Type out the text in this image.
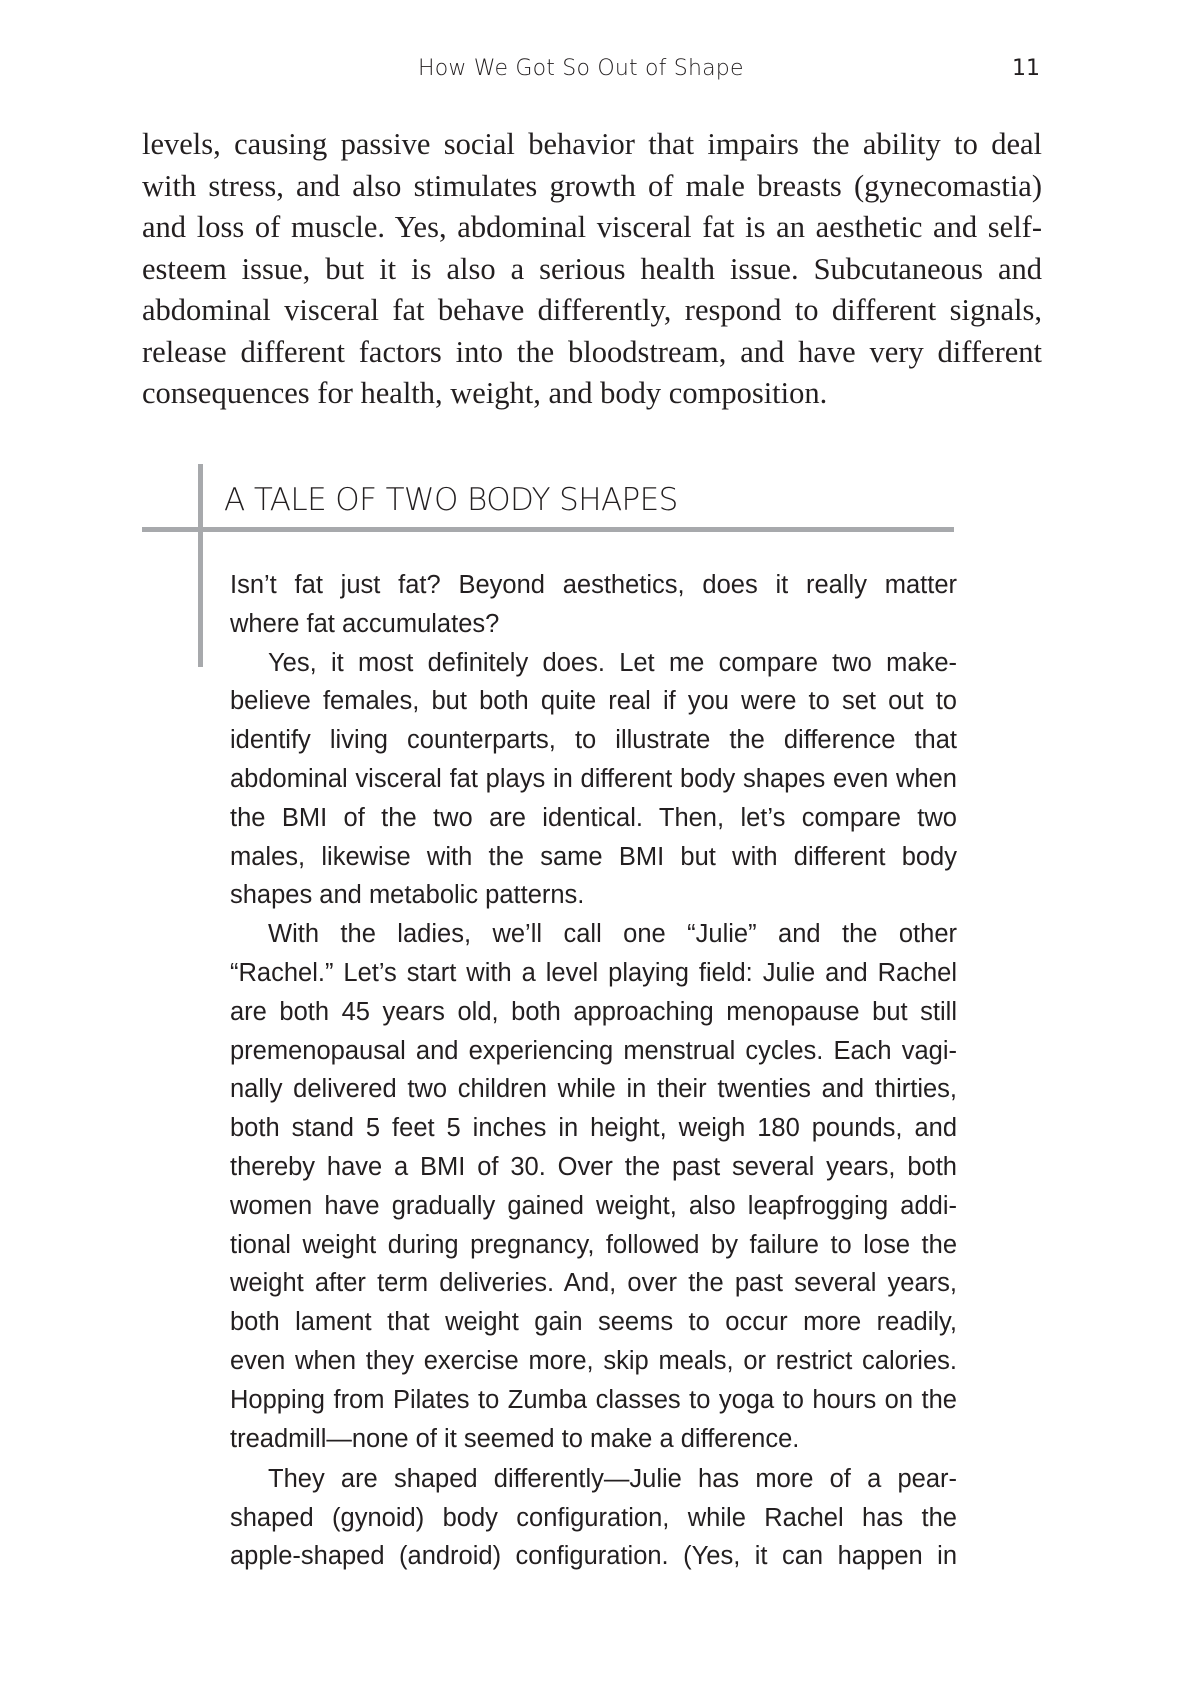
How We Got So Out of Shape	11
levels, causing passive social behavior that impairs the ability to deal
with stress, and also stimulates growth of male breasts (gynecomastia)
and loss of muscle. Yes, abdominal visceral fat is an aesthetic and self-
esteem issue, but it is also a serious health issue. Subcutaneous and
abdominal visceral fat behave differently, respond to different signals,
release different factors into the bloodstream, and have very different
consequences for health, weight, and body composition.
A TALE OF TWO BODY SHAPES
Isn’t fat just fat? Beyond aesthetics, does it really matter
where fat accumulates?
Yes, it most definitely does. Let me compare two make-
believe females, but both quite real if you were to set out to
identify living counterparts, to illustrate the difference that
abdominal visceral fat plays in different body shapes even when
the BMI of the two are identical. Then, let’s compare two
males, likewise with the same BMI but with different body
shapes and metabolic patterns.
With the ladies, we’ll call one “Julie” and the other
“Rachel.” Let’s start with a level playing field: Julie and Rachel
are both 45 years old, both approaching menopause but still
premenopausal and experiencing menstrual cycles. Each vagi-
nally delivered two children while in their twenties and thirties,
both stand 5 feet 5 inches in height, weigh 180 pounds, and
thereby have a BMI of 30. Over the past several years, both
women have gradually gained weight, also leapfrogging addi-
tional weight during pregnancy, followed by failure to lose the
weight after term deliveries. And, over the past several years,
both lament that weight gain seems to occur more readily,
even when they exercise more, skip meals, or restrict calories.
Hopping from Pilates to Zumba classes to yoga to hours on the
treadmill—none of it seemed to make a difference.
They are shaped differently—Julie has more of a pear-
shaped (gynoid) body configuration, while Rachel has the
apple-shaped (android) configuration. (Yes, it can happen in
